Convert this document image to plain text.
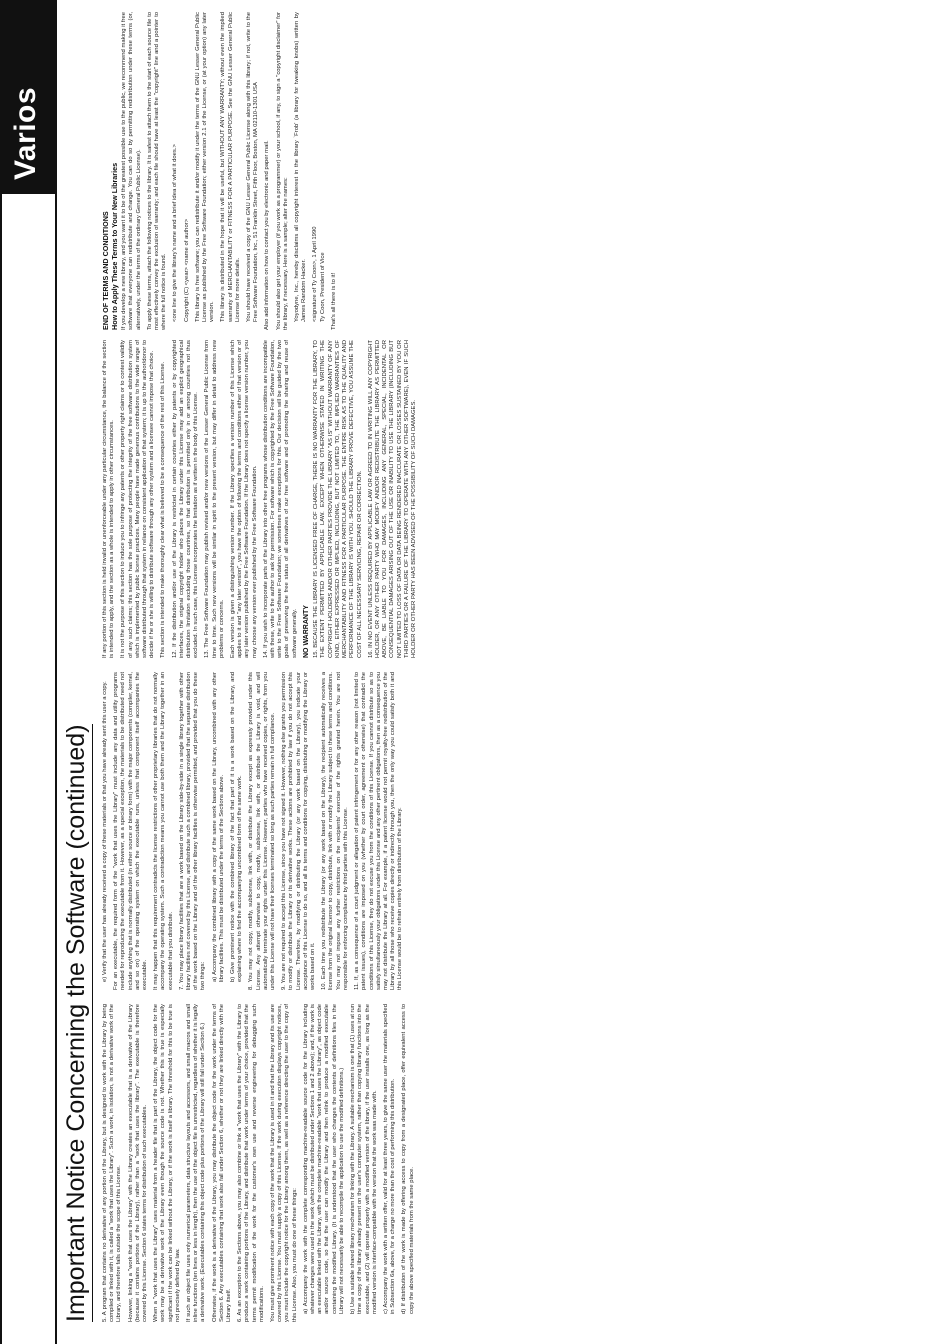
Varios
Important Notice Concerning the Software (continued)	5. A program that contains no derivative of any portion of the Library, but is designed to work with the Library by being compiled or linked with it, is called a "work that uses the Library". Such a work, in isolation, is not a derivative work of the Library, and therefore falls outside the scope of this License. However, linking a "work that uses the Library" with the Library creates an executable that is a derivative of the Library (because it contains portions of the Library), rather than a "work that uses the library". The executable is therefore covered by this License. Section 6 states terms for distribution of such executables. When a "work that uses the Library" uses material from a header file that is part of the Library, the object code for the work may be a derivative work of the Library even though the source code is not. Whether this is true is especially significant if the work can be linked without the Library, or if the work is itself a library. The threshold for this to be true is not precisely defined by law. If such an object file uses only numerical parameters, data structure layouts and accessors, and small macros and small inline functions (ten lines or less in length), then the use of the object file is unrestricted, regardless of whether it is legally a derivative work. (Executables containing this object code plus portions of the Library will still fall under Section 6.) Otherwise, if the work is a derivative of the Library, you may distribute the object code for the work under the terms of Section 6. Any executables containing that work also fall under Section 6, whether or not they are linked directly with the Library itself. 6. As an exception to the Sections above, you may also combine or link a "work that uses the Library" with the Library to produce a work containing portions of the Library, and distribute that work under terms of your choice, provided that the terms permit modification of the work for the customer's own use and reverse engineering for debugging such modifications. You must give prominent notice with each copy of the work that the Library is used in it and that the Library and its use are covered by this License. You must supply a copy of this License. If the work during execution displays copyright notices, you must include the copyright notice for the Library among them, as well as a reference directing the user to the copy of this License. Also, you must do one of these things: a) Accompany the work with the complete corresponding machine-readable source code for the Library including whatever changes were used in the work (which must be distributed under Sections 1 and 2 above); and, if the work is an executable linked with the Library, with the complete machine-readable "work that uses the Library", as object code and/or source code, so that the user can modify the Library and then relink to produce a modified executable containing the modified Library. (It is understood that the user who changes the contents of definitions files in the Library will not necessarily be able to recompile the application to use the modified definitions.) b) Use a suitable shared library mechanism for linking with the Library. A suitable mechanism is one that (1) uses at run time a copy of the library already present on the user's computer system, rather than copying library functions into the executable, and (2) will operate properly with a modified version of the library, if the user installs one, as long as the modified version is interface-compatible with the version that the work was made with. c) Accompany the work with a written offer, valid for at least three years, to give the same user the materials specified in Subsection 6a, above, for a charge no more than the cost of performing this distribution. d) If distribution of the work is made by offering access to copy from a designated place, offer equivalent access to copy the above specified materials from the same place.

e) Verify that the user has already received a copy of these materials or that you have already sent this user a copy. For an executable, the required form of the "work that uses the Library" must include any data and utility programs needed for reproducing the executable from it. However, as a special exception, the materials to be distributed need not include anything that is normally distributed (in either source or binary form) with the major components (compiler, kernel, and so on) of the operating system on which the executable runs, unless that component itself accompanies the executable. It may happen that this requirement contradicts the license restrictions of other proprietary libraries that do not normally accompany the operating system. Such a contradiction means you cannot use both them and the Library together in an executable that you distribute. 7. You may place library facilities that are a work based on the Library side-by-side in a single library together with other library facilities not covered by this License, and distribute such a combined library, provided that the separate distribution of the work based on the Library and of the other library facilities is otherwise permitted, and provided that you do these two things: a) Accompany the combined library with a copy of the same work based on the Library, uncombined with any other library facilities. This must be distributed under the terms of the Sections above. b) Give prominent notice with the combined library of the fact that part of it is a work based on the Library, and explaining where to find the accompanying uncombined form of the same work. 8. You may not copy, modify, sublicense, link with, or distribute the Library except as expressly provided under this License. Any attempt otherwise to copy, modify, sublicense, link with, or distribute the Library is void, and will automatically terminate your rights under this License. However, parties who have received copies, or rights, from you under this License will not have their licenses terminated so long as such parties remain in full compliance. 9. You are not required to accept this License, since you have not signed it. However, nothing else grants you permission to modify or distribute the Library or its derivative works. These actions are prohibited by law if you do not accept this License. Therefore, by modifying or distributing the Library (or any work based on the Library), you indicate your acceptance of this License to do so, and all its terms and conditions for copying, distributing or modifying the Library or works based on it. 10. Each time you redistribute the Library (or any work based on the Library), the recipient automatically receives a license from the original licensor to copy, distribute, link with or modify the Library subject to these terms and conditions. You may not impose any further restrictions on the recipients' exercise of the rights granted herein. You are not responsible for enforcing compliance by third parties with this License. 11. If, as a consequence of a court judgment or allegation of patent infringement or for any other reason (not limited to patent issues), conditions are imposed on you (whether by court order, agreement or otherwise) that contradict the conditions of this License, they do not excuse you from the conditions of this License. If you cannot distribute so as to satisfy simultaneously your obligations under this License and any other pertinent obligations, then as a consequence you may not distribute the Library at all. For example, if a patent license would not permit royalty-free redistribution of the Library by all those who receive copies directly or indirectly through you, then the only way you could satisfy both it and this License would be to refrain entirely from distribution of the Library.

If any portion of this section is held invalid or unenforceable under any particular circumstance, the balance of the section is intended to apply, and the section as a whole is intended to apply in other circumstances. It is not the purpose of this section to induce you to infringe any patents or other property right claims or to contest validity of any such claims; this section has the sole purpose of protecting the integrity of the free software distribution system which is implemented by public license practices. Many people have made generous contributions to the wide range of software distributed through that system in reliance on consistent application of that system; it is up to the author/donor to decide if he or she is willing to distribute software through any other system and a licensee cannot impose that choice. This section is intended to make thoroughly clear what is believed to be a consequence of the rest of this License. 12. If the distribution and/or use of the Library is restricted in certain countries either by patents or by copyrighted interfaces, the original copyright holder who places the Library under this License may add an explicit geographical distribution limitation excluding those countries, so that distribution is permitted only in or among countries not thus excluded. In such case, this License incorporates the limitation as if written in the body of this License. 13. The Free Software Foundation may publish revised and/or new versions of the Lesser General Public License from time to time. Such new versions will be similar in spirit to the present version, but may differ in detail to address new problems or concerns. Each version is given a distinguishing version number. If the Library specifies a version number of this License which applies to it and "any later version", you have the option of following the terms and conditions either of that version or of any later version published by the Free Software Foundation. If the Library does not specify a license version number, you may choose any version ever published by the Free Software Foundation. 14. If you wish to incorporate parts of the Library into other free programs whose distribution conditions are incompatible with these, write to the author to ask for permission. For software which is copyrighted by the Free Software Foundation, write to the Free Software Foundation; we sometimes make exceptions for this. Our decision will be guided by the two goals of preserving the free status of all derivatives of our free software and of promoting the sharing and reuse of software generally. NO WARRANTY 15. BECAUSE THE LIBRARY IS LICENSED FREE OF CHARGE, THERE IS NO WARRANTY FOR THE LIBRARY, TO THE EXTENT PERMITTED BY APPLICABLE LAW. EXCEPT WHEN OTHERWISE STATED IN WRITING THE COPYRIGHT HOLDERS AND/OR OTHER PARTIES PROVIDE THE LIBRARY "AS IS" WITHOUT WARRANTY OF ANY KIND, EITHER EXPRESSED OR IMPLIED, INCLUDING, BUT NOT LIMITED TO, THE IMPLIED WARRANTIES OF MERCHANTABILITY AND FITNESS FOR A PARTICULAR PURPOSE. THE ENTIRE RISK AS TO THE QUALITY AND PERFORMANCE OF THE LIBRARY IS WITH YOU. SHOULD THE LIBRARY PROVE DEFECTIVE, YOU ASSUME THE COST OF ALL NECESSARY SERVICING, REPAIR OR CORRECTION. 16. IN NO EVENT UNLESS REQUIRED BY APPLICABLE LAW OR AGREED TO IN WRITING WILL ANY COPYRIGHT HOLDER, OR ANY OTHER PARTY WHO MAY MODIFY AND/OR REDISTRIBUTE THE LIBRARY AS PERMITTED ABOVE, BE LIABLE TO YOU FOR DAMAGES, INCLUDING ANY GENERAL, SPECIAL, INCIDENTAL OR CONSEQUENTIAL DAMAGES ARISING OUT OF THE USE OR INABILITY TO USE THE LIBRARY (INCLUDING BUT NOT LIMITED TO LOSS OF DATA OR DATA BEING RENDERED INACCURATE OR LOSSES SUSTAINED BY YOU OR THIRD PARTIES OR A FAILURE OF THE LIBRARY TO OPERATE WITH ANY OTHER SOFTWARE), EVEN IF SUCH HOLDER OR OTHER PARTY HAS BEEN ADVISED OF THE POSSIBILITY OF SUCH DAMAGES.

END OF TERMS AND CONDITIONS How to Apply These Terms to Your New Libraries If you develop a new library, and you want it to be of the greatest possible use to the public, we recommend making it free software that everyone can redistribute and change. You can do so by permitting redistribution under these terms (or, alternatively, under the terms of the ordinary General Public License). To apply these terms, attach the following notices to the library. It is safest to attach them to the start of each source file to most effectively convey the exclusion of warranty; and each file should have at least the "copyright" line and a pointer to where the full notice is found. <one line to give the library's name and a brief idea of what it does.> Copyright (C) <year> <name of author> This library is free software; you can redistribute it and/or modify it under the terms of the GNU Lesser General Public License as published by the Free Software Foundation; either version 2.1 of the License, or (at your option) any later version. This library is distributed in the hope that it will be useful, but WITHOUT ANY WARRANTY; without even the implied warranty of MERCHANTABILITY or FITNESS FOR A PARTICULAR PURPOSE. See the GNU Lesser General Public License for more details. You should have received a copy of the GNU Lesser General Public License along with this library; if not, write to the Free Software Foundation, Inc., 51 Franklin Street, Fifth Floor, Boston, MA 02110-1301 USA Also add information on how to contact you by electronic and paper mail. You should also get your employer (if you work as a programmer) or your school, if any, to sign a "copyright disclaimer" for the library, if necessary. Here is a sample; alter the names: Yoyodyne, Inc., hereby disclaims all copyright interest in the library `Frob' (a library for tweaking knobs) written by James Random Hacker. <signature of Ty Coon>, 1 April 1990 Ty Coon, President of Vice That's all there is to it!
